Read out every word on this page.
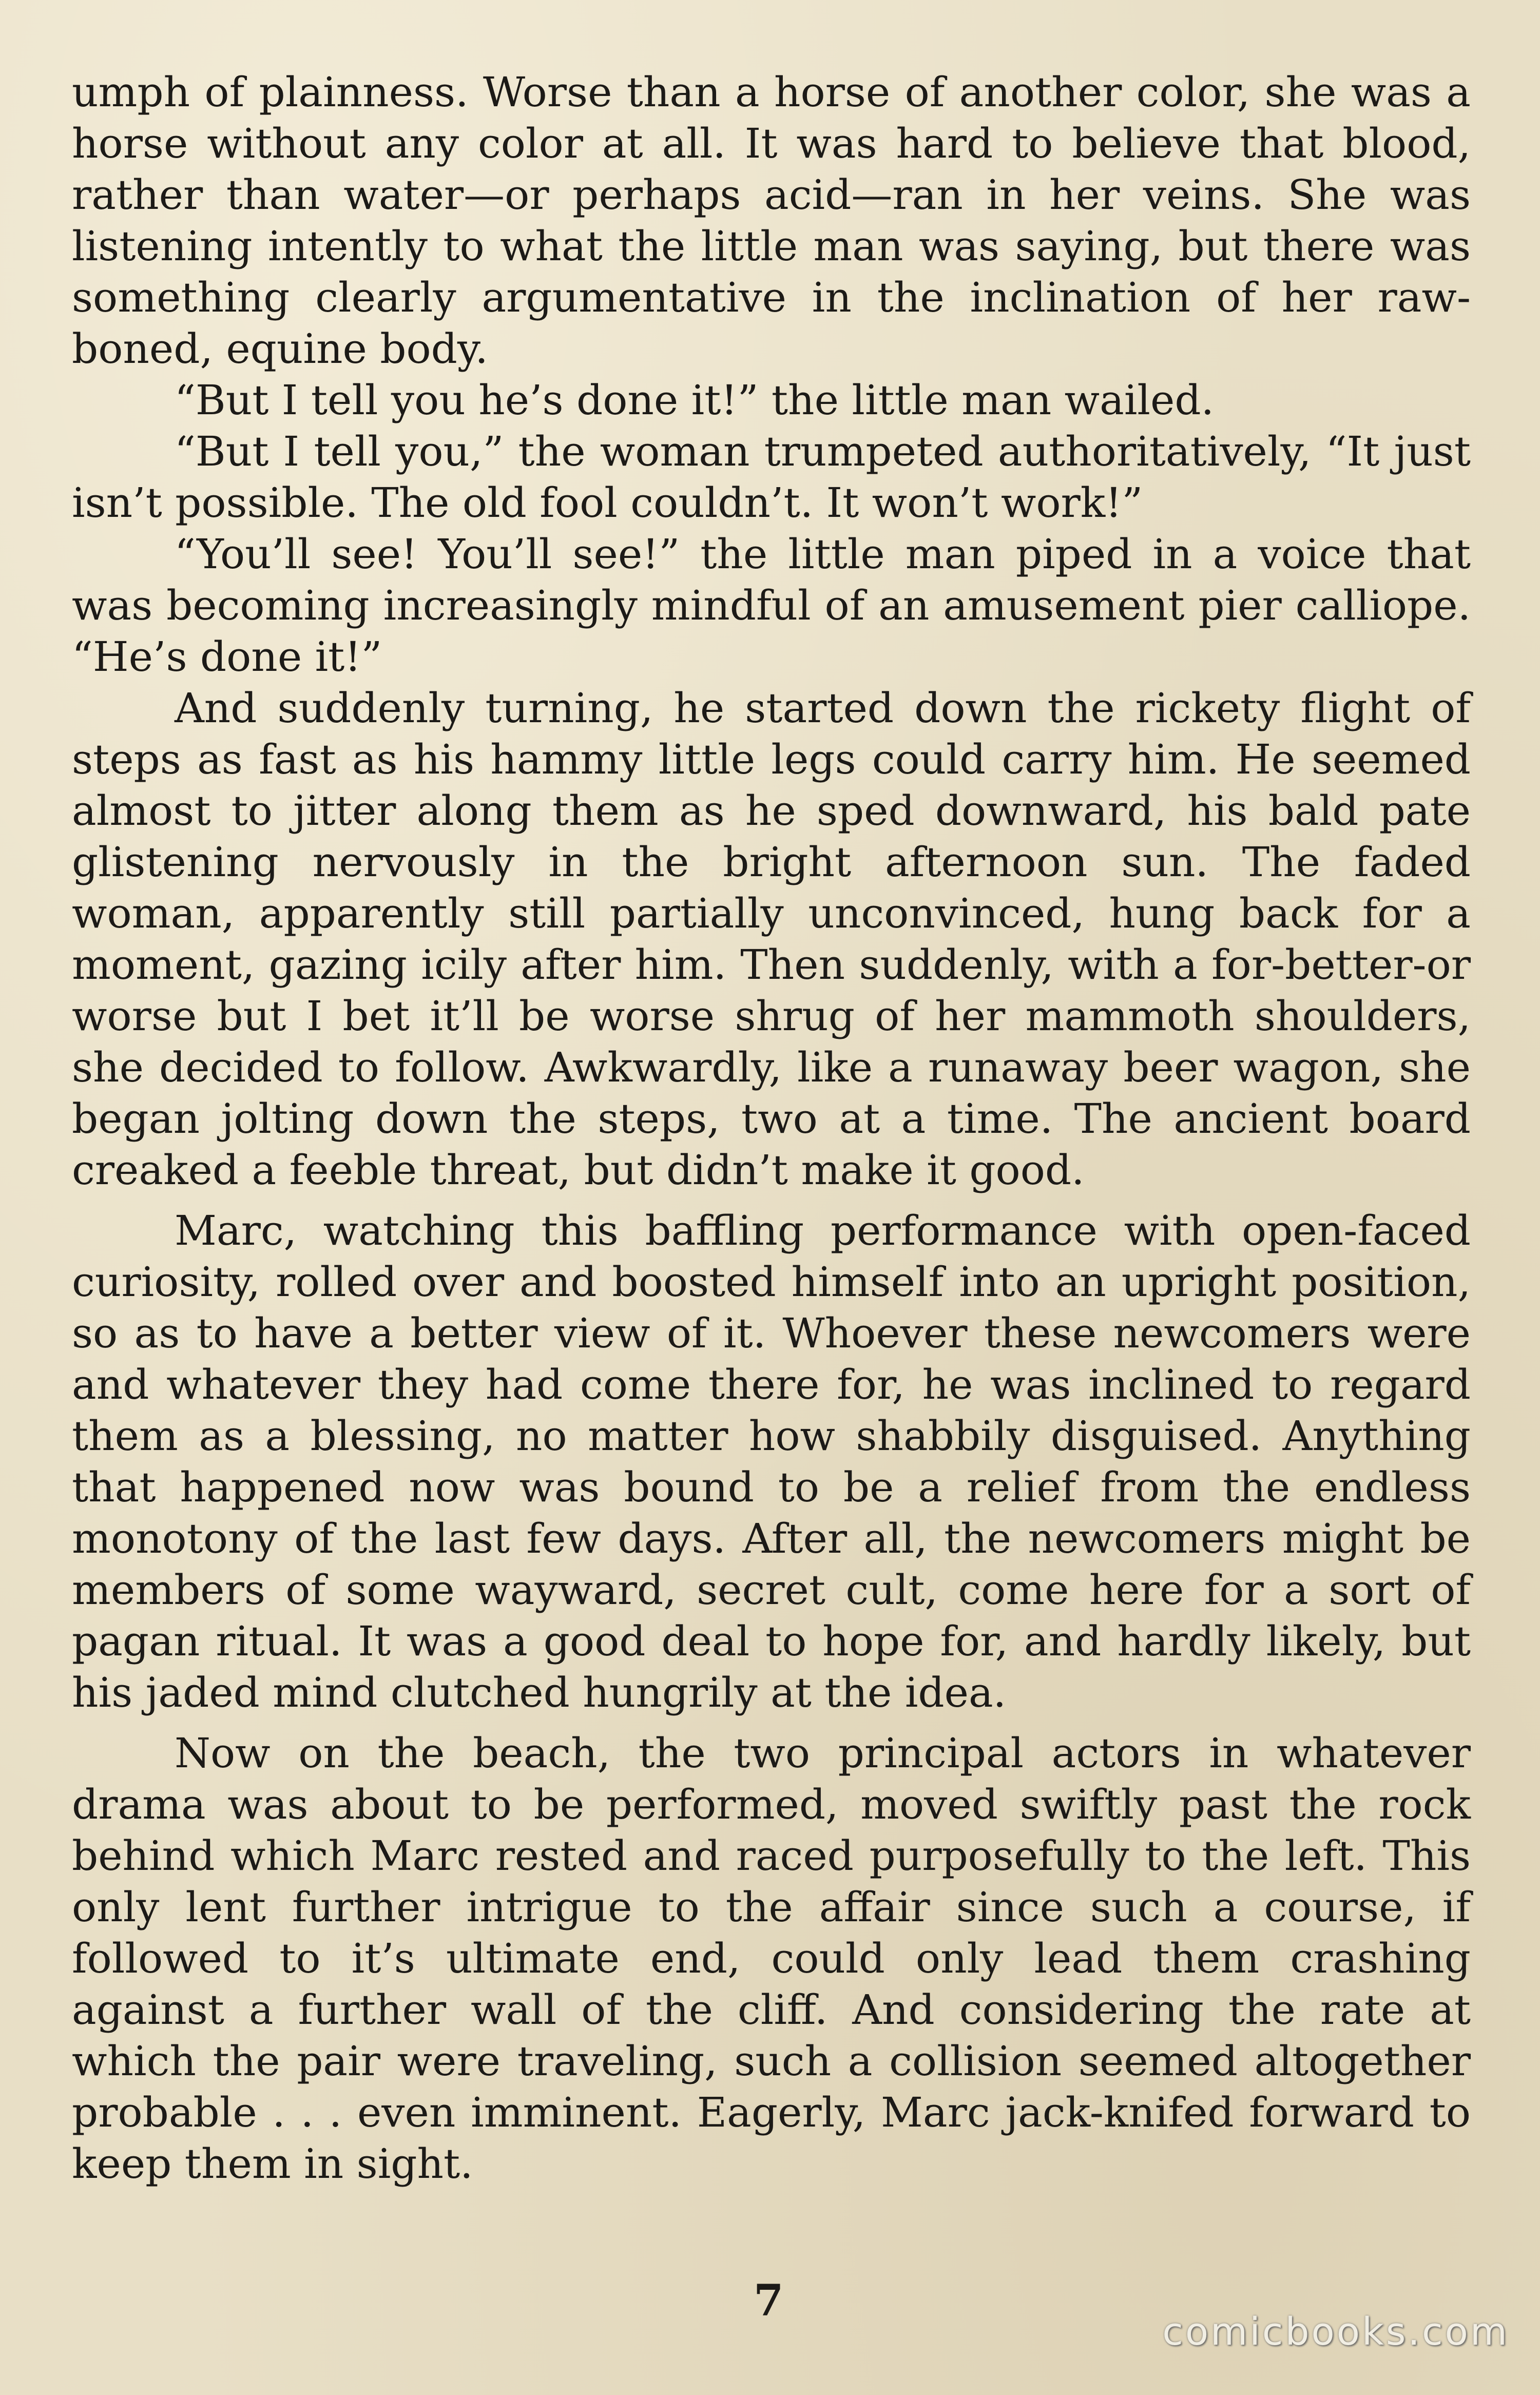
umph of plainness. Worse than a horse of another color, she was a horse without any color at all. It was hard to believe that blood, rather than water—or perhaps acid—ran in her veins. She was listening intently to what the little man was saying, but there was something clearly argumentative in the inclination of her raw-boned, equine body.

“But I tell you he’s done it!” the little man wailed.

“But I tell you,” the woman trumpeted authoritatively, “It just isn’t possible. The old fool couldn’t. It won’t work!”

“You’ll see! You’ll see!” the little man piped in a voice that was becoming increasingly mindful of an amusement pier calliope. “He’s done it!”

And suddenly turning, he started down the rickety flight of steps as fast as his hammy little legs could carry him. He seemed almost to jitter along them as he sped downward, his bald pate glistening nervously in the bright afternoon sun. The faded woman, apparently still partially unconvinced, hung back for a moment, gazing icily after him. Then suddenly, with a for-better-or worse but I bet it’ll be worse shrug of her mammoth shoulders, she decided to follow. Awkwardly, like a runaway beer wagon, she began jolting down the steps, two at a time. The ancient board creaked a feeble threat, but didn’t make it good.

Marc, watching this baffling performance with open-faced curiosity, rolled over and boosted himself into an upright position, so as to have a better view of it. Whoever these newcomers were and whatever they had come there for, he was inclined to regard them as a blessing, no matter how shabbily disguised. Anything that happened now was bound to be a relief from the endless monotony of the last few days. After all, the newcomers might be members of some wayward, secret cult, come here for a sort of pagan ritual. It was a good deal to hope for, and hardly likely, but his jaded mind clutched hungrily at the idea.

Now on the beach, the two principal actors in whatever drama was about to be performed, moved swiftly past the rock behind which Marc rested and raced purposefully to the left. This only lent further intrigue to the affair since such a course, if followed to it’s ultimate end, could only lead them crashing against a further wall of the cliff. And considering the rate at which the pair were traveling, such a collision seemed altogether probable . . . even imminent. Eagerly, Marc jack-knifed forward to keep them in sight.

7
comicbooks.com
